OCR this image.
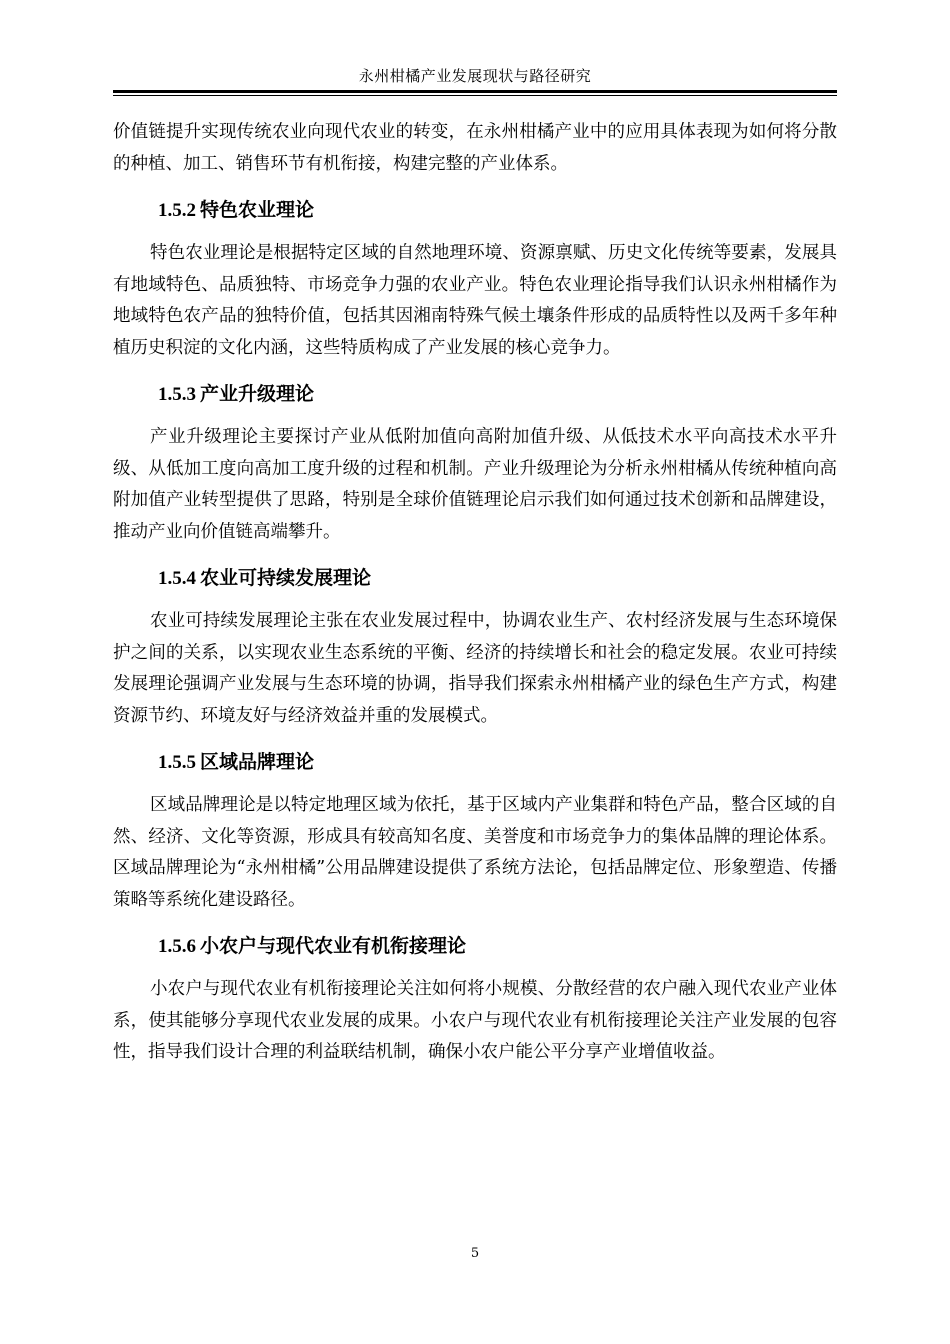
永州柑橘产业发展现状与路径研究

价值链提升实现传统农业向现代农业的转变，在永州柑橘产业中的应用具体表现为如何将分散的种植、加工、销售环节有机衔接，构建完整的产业体系。

1.5.2 特色农业理论

特色农业理论是根据特定区域的自然地理环境、资源禀赋、历史文化传统等要素，发展具有地域特色、品质独特、市场竞争力强的农业产业。特色农业理论指导我们认识永州柑橘作为地域特色农产品的独特价值，包括其因湘南特殊气候土壤条件形成的品质特性以及两千多年种植历史积淀的文化内涵，这些特质构成了产业发展的核心竞争力。

1.5.3 产业升级理论

产业升级理论主要探讨产业从低附加值向高附加值升级、从低技术水平向高技术水平升级、从低加工度向高加工度升级的过程和机制。产业升级理论为分析永州柑橘从传统种植向高附加值产业转型提供了思路，特别是全球价值链理论启示我们如何通过技术创新和品牌建设，推动产业向价值链高端攀升。

1.5.4 农业可持续发展理论

农业可持续发展理论主张在农业发展过程中，协调农业生产、农村经济发展与生态环境保护之间的关系，以实现农业生态系统的平衡、经济的持续增长和社会的稳定发展。农业可持续发展理论强调产业发展与生态环境的协调，指导我们探索永州柑橘产业的绿色生产方式，构建资源节约、环境友好与经济效益并重的发展模式。

1.5.5 区域品牌理论

区域品牌理论是以特定地理区域为依托，基于区域内产业集群和特色产品，整合区域的自然、经济、文化等资源，形成具有较高知名度、美誉度和市场竞争力的集体品牌的理论体系。区域品牌理论为“永州柑橘”公用品牌建设提供了系统方法论，包括品牌定位、形象塑造、传播策略等系统化建设路径。

1.5.6 小农户与现代农业有机衔接理论

小农户与现代农业有机衔接理论关注如何将小规模、分散经营的农户融入现代农业产业体系，使其能够分享现代农业发展的成果。小农户与现代农业有机衔接理论关注产业发展的包容性，指导我们设计合理的利益联结机制，确保小农户能公平分享产业增值收益。

5
